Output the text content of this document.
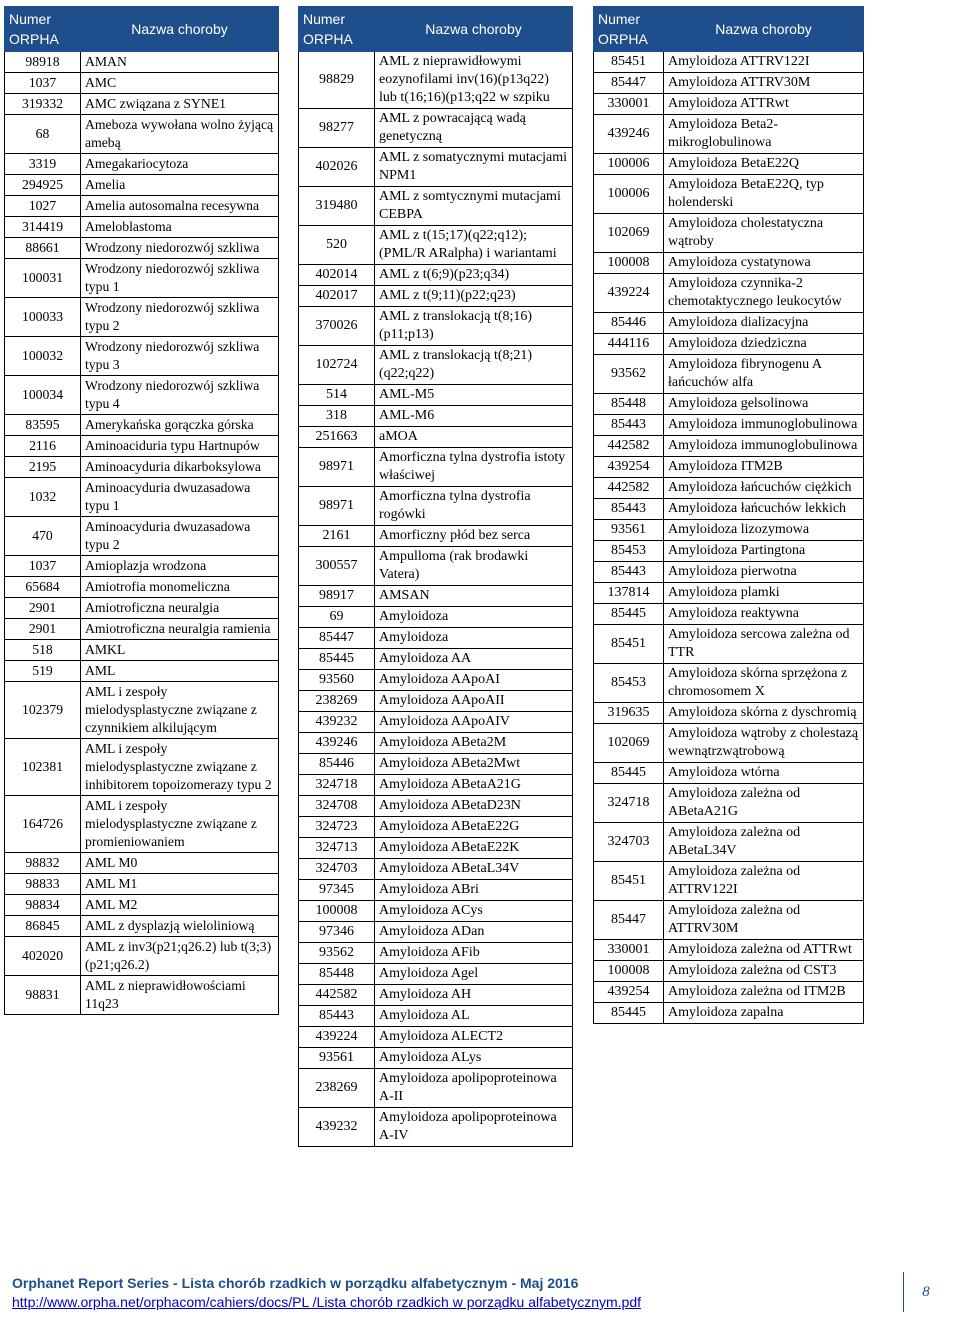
Numer ORPHA	Nazwa choroby
98918	AMAN
1037	AMC
319332	AMC związana z SYNE1
68	Ameboza wywołana wolno żyjącą amebą
3319	Amegakariocytoza
294925	Amelia
1027	Amelia autosomalna recesywna
314419	Ameloblastoma
88661	Wrodzony niedorozwój szkliwa
100031	Wrodzony niedorozwój szkliwa typu 1
100033	Wrodzony niedorozwój szkliwa typu 2
100032	Wrodzony niedorozwój szkliwa typu 3
100034	Wrodzony niedorozwój szkliwa typu 4
83595	Amerykańska gorączka górska
2116	Aminoaciduria typu Hartnupów
2195	Aminoacyduria dikarboksylowa
1032	Aminoacyduria dwuzasadowa typu 1
470	Aminoacyduria dwuzasadowa typu 2
1037	Amioplazja wrodzona
65684	Amiotrofia monomeliczna
2901	Amiotroficzna neuralgia
2901	Amiotroficzna neuralgia ramienia
518	AMKL
519	AML
102379	AML i zespoły mielodysplastyczne związane z czynnikiem alkilującym
102381	AML i zespoły mielodysplastyczne związane z inhibitorem topoizomerazy typu 2
164726	AML i zespoły mielodysplastyczne związane z promieniowaniem
98832	AML M0
98833	AML M1
98834	AML M2
86845	AML z dysplazją wieloliniową
402020	AML z inv3(p21;q26.2) lub t(3;3)(p21;q26.2)
98831	AML z nieprawidłowościami 11q23
Numer ORPHA	Nazwa choroby
98829	AML z nieprawidłowymi eozynofilami inv(16)(p13q22) lub t(16;16)(p13;q22 w szpiku
98277	AML z powracającą wadą genetyczną
402026	AML z somatycznymi mutacjami NPM1
319480	AML z somtycznymi mutacjami CEBPA
520	AML z t(15;17)(q22;q12);(PML/R ARalpha) i wariantami
402014	AML z t(6;9)(p23;q34)
402017	AML z t(9;11)(p22;q23)
370026	AML z translokacją t(8;16)(p11;p13)
102724	AML z translokacją t(8;21)(q22;q22)
514	AML-M5
318	AML-M6
251663	aMOA
98971	Amorficzna tylna dystrofia istoty właściwej
98971	Amorficzna tylna dystrofia rogówki
2161	Amorficzny płód bez serca
300557	Ampulloma (rak brodawki Vatera)
98917	AMSAN
69	Amyloidoza
85447	Amyloidoza
85445	Amyloidoza AA
93560	Amyloidoza AApoAI
238269	Amyloidoza AApoAII
439232	Amyloidoza AApoAIV
439246	Amyloidoza ABeta2M
85446	Amyloidoza ABeta2Mwt
324718	Amyloidoza ABetaA21G
324708	Amyloidoza ABetaD23N
324723	Amyloidoza ABetaE22G
324713	Amyloidoza ABetaE22K
324703	Amyloidoza ABetaL34V
97345	Amyloidoza ABri
100008	Amyloidoza ACys
97346	Amyloidoza ADan
93562	Amyloidoza AFib
85448	Amyloidoza Agel
442582	Amyloidoza AH
85443	Amyloidoza AL
439224	Amyloidoza ALECT2
93561	Amyloidoza ALys
238269	Amyloidoza apolipoproteinowa A-II
439232	Amyloidoza apolipoproteinowa A-IV
Numer ORPHA	Nazwa choroby
85451	Amyloidoza ATTRV122I
85447	Amyloidoza ATTRV30M
330001	Amyloidoza ATTRwt
439246	Amyloidoza Beta2-mikroglobulinowa
100006	Amyloidoza BetaE22Q
100006	Amyloidoza BetaE22Q, typ holenderski
102069	Amyloidoza cholestatyczna wątroby
100008	Amyloidoza cystatynowa
439224	Amyloidoza czynnika-2 chemotaktycznego leukocytów
85446	Amyloidoza dializacyjna
444116	Amyloidoza dziedziczna
93562	Amyloidoza fibrynogenu A łańcuchów alfa
85448	Amyloidoza gelsolinowa
85443	Amyloidoza immunoglobulinowa
442582	Amyloidoza immunoglobulinowa
439254	Amyloidoza ITM2B
442582	Amyloidoza łańcuchów ciężkich
85443	Amyloidoza łańcuchów lekkich
93561	Amyloidoza lizozymowa
85453	Amyloidoza Partingtona
85443	Amyloidoza pierwotna
137814	Amyloidoza plamki
85445	Amyloidoza reaktywna
85451	Amyloidoza sercowa zależna od TTR
85453	Amyloidoza skórna sprzężona z chromosomem X
319635	Amyloidoza skórna z dyschromią
102069	Amyloidoza wątroby z cholestazą wewnątrzwątrobową
85445	Amyloidoza wtórna
324718	Amyloidoza zależna od ABetaA21G
324703	Amyloidoza zależna od ABetaL34V
85451	Amyloidoza zależna od ATTRV122I
85447	Amyloidoza zależna od ATTRV30M
330001	Amyloidoza zależna od ATTRwt
100008	Amyloidoza zależna od CST3
439254	Amyloidoza zależna od ITM2B
85445	Amyloidoza zapalna
Orphanet Report Series - Lista chorób rzadkich w porządku alfabetycznym - Maj 2016
http://www.orpha.net/orphacom/cahiers/docs/PL /Lista chorób rzadkich w porządku alfabetycznym.pdf
8
